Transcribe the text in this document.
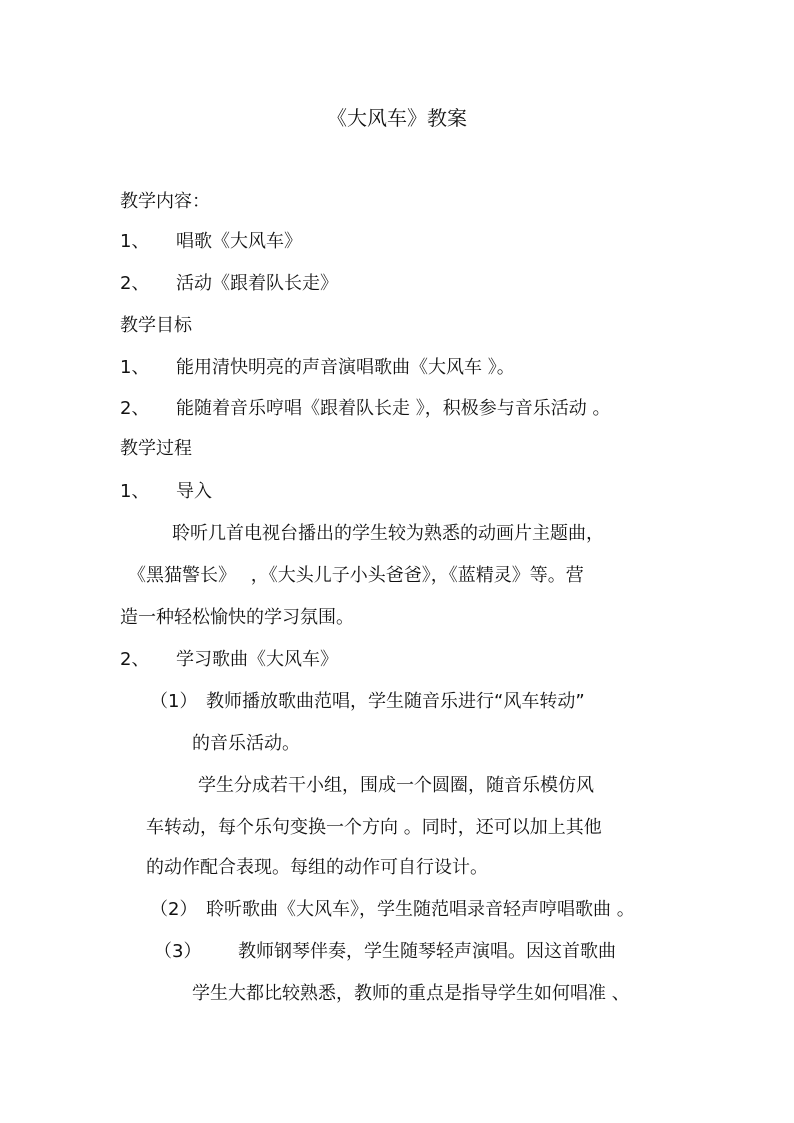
《大风车》教案
教学内容：
1、 唱歌《大风车》
2、 活动《跟着队长走》
教学目标
1、 能用清快明亮的声音演唱歌曲《大风车 》。
2、 能随着音乐哼唱《跟着队长走 》，积极参与音乐活动 。
教学过程
1、 导入
聆听几首电视台播出的学生较为熟悉的动画片主题曲，
《黑猫警长》　 ，《大头儿子小头爸爸》，《蓝精灵》等。营
造一种轻松愉快的学习氛围。
2、 学习歌曲《大风车》
（1） 教师播放歌曲范唱，学生随音乐进行“风车转动”
的音乐活动。
学生分成若干小组，围成一个圆圈，随音乐模仿风
车转动，每个乐句变换一个方向 。同时，还可以加上其他
的动作配合表现。每组的动作可自行设计。
（2） 聆听歌曲《大风车》，学生随范唱录音轻声哼唱歌曲 。
（3） 教师钢琴伴奏，学生随琴轻声演唱。因这首歌曲
学生大都比较熟悉，教师的重点是指导学生如何唱准 、
